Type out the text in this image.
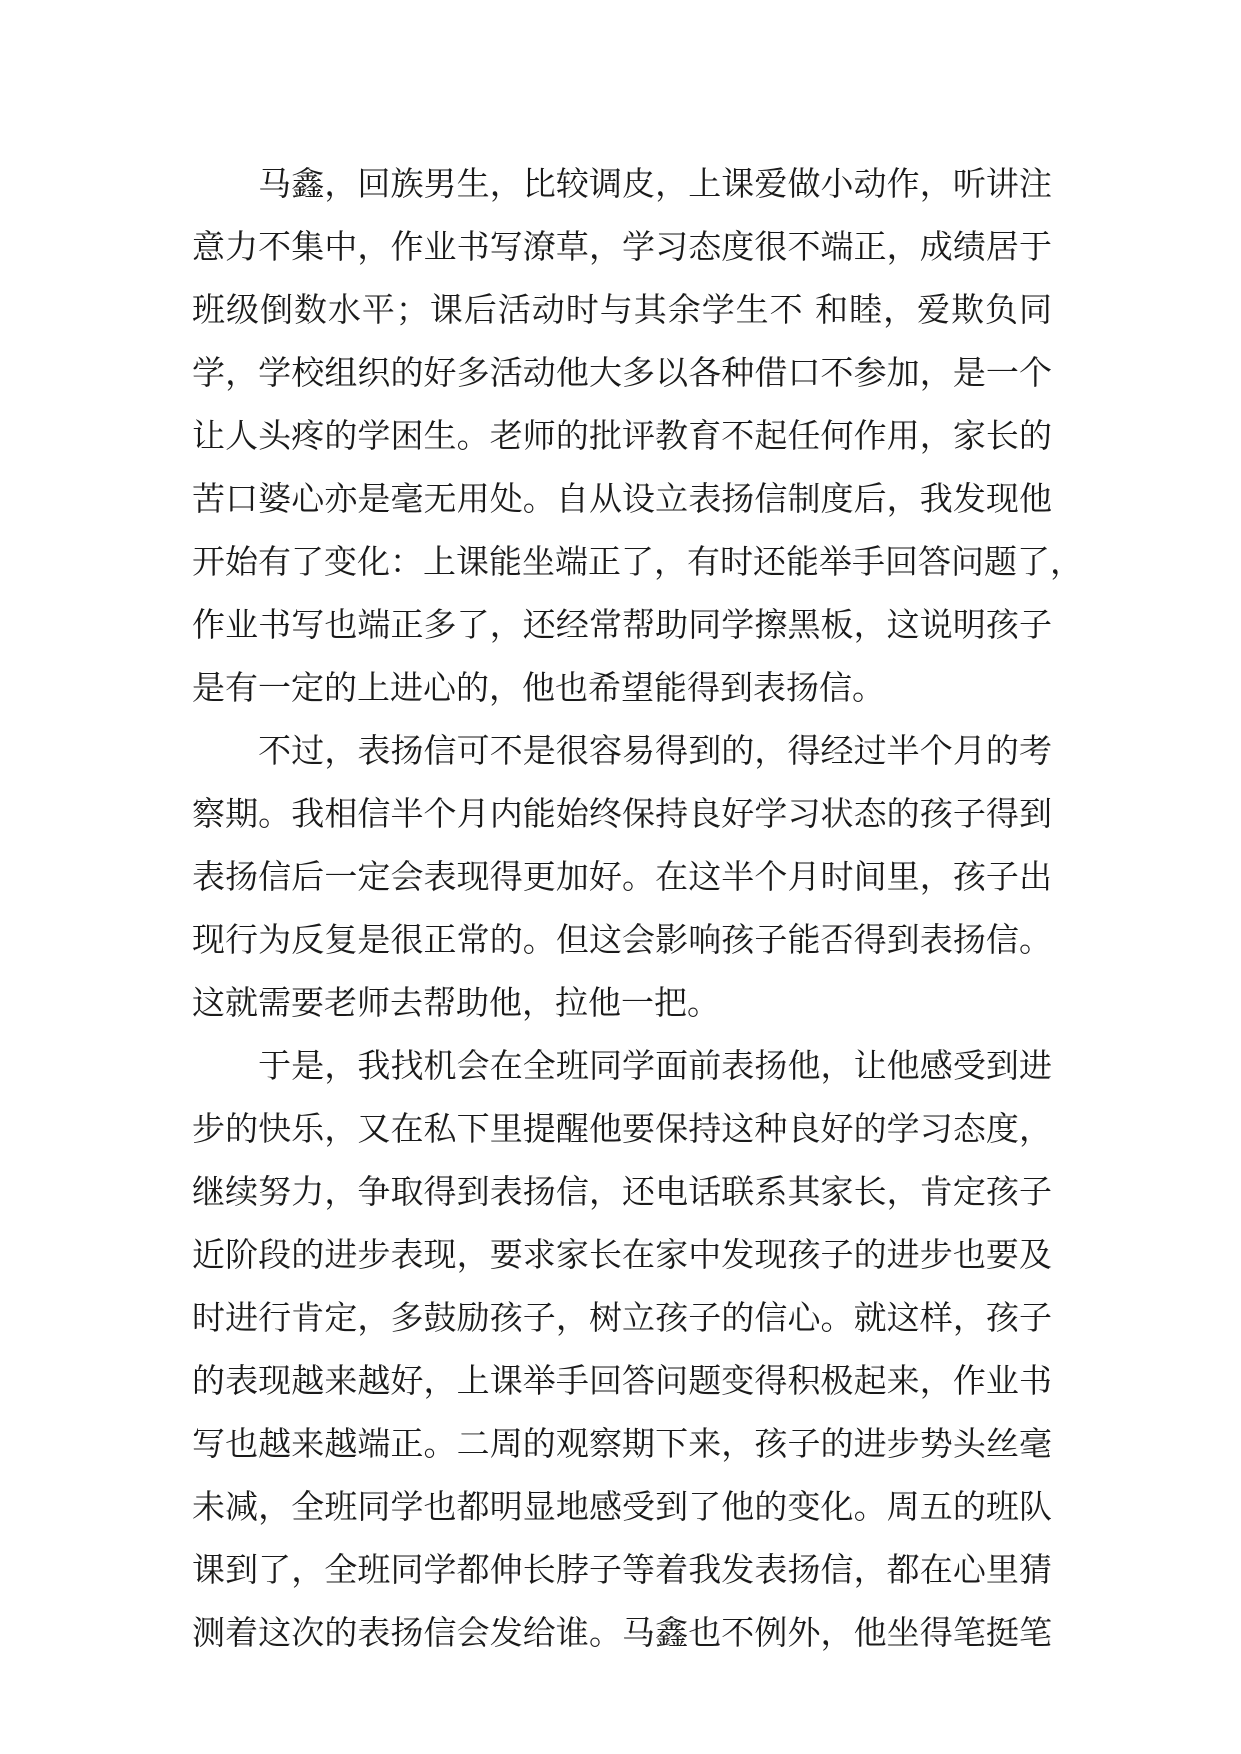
　　马鑫，回族男生，比较调皮，上课爱做小动作，听讲注
意力不集中，作业书写潦草，学习态度很不端正，成绩居于
班级倒数水平；课后活动时与其余学生不 和睦，爱欺负同
学，学校组织的好多活动他大多以各种借口不参加，是一个
让人头疼的学困生。老师的批评教育不起任何作用，家长的
苦口婆心亦是毫无用处。自从设立表扬信制度后，我发现他
开始有了变化：上课能坐端正了，有时还能举手回答问题了，
作业书写也端正多了，还经常帮助同学擦黑板，这说明孩子
是有一定的上进心的，他也希望能得到表扬信。
　　不过，表扬信可不是很容易得到的，得经过半个月的考
察期。我相信半个月内能始终保持良好学习状态的孩子得到
表扬信后一定会表现得更加好。在这半个月时间里，孩子出
现行为反复是很正常的。但这会影响孩子能否得到表扬信。
这就需要老师去帮助他，拉他一把。
　　于是，我找机会在全班同学面前表扬他，让他感受到进
步的快乐，又在私下里提醒他要保持这种良好的学习态度，
继续努力，争取得到表扬信，还电话联系其家长，肯定孩子
近阶段的进步表现，要求家长在家中发现孩子的进步也要及
时进行肯定，多鼓励孩子，树立孩子的信心。就这样，孩子
的表现越来越好，上课举手回答问题变得积极起来，作业书
写也越来越端正。二周的观察期下来，孩子的进步势头丝毫
未减，全班同学也都明显地感受到了他的变化。周五的班队
课到了，全班同学都伸长脖子等着我发表扬信，都在心里猜
测着这次的表扬信会发给谁。马鑫也不例外，他坐得笔挺笔
